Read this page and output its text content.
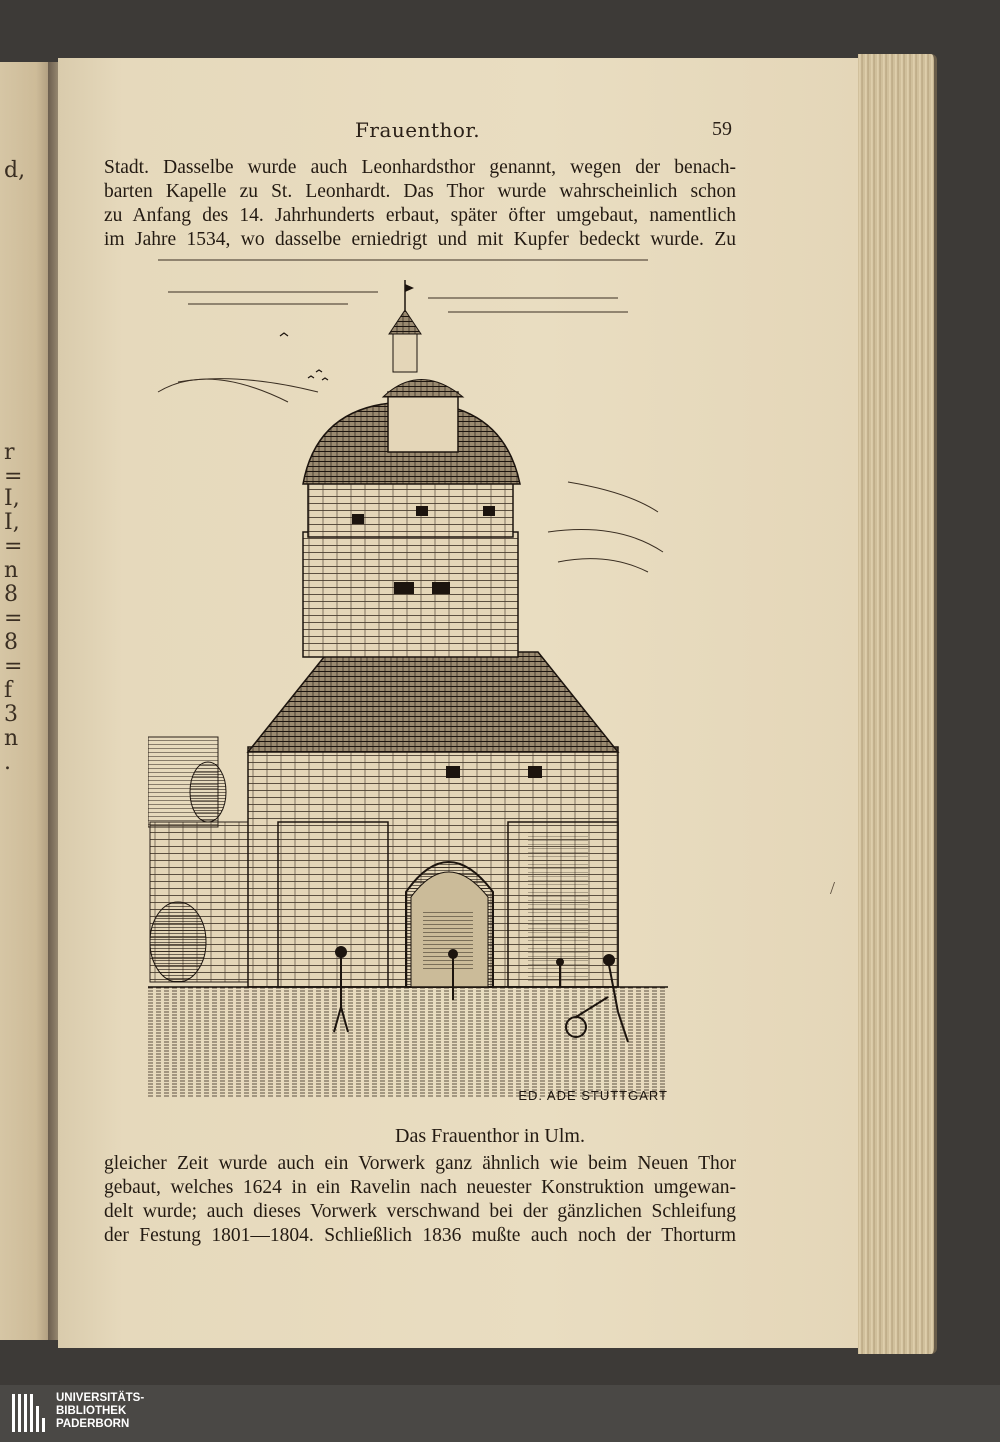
d,
r
=
I,
I,
=
n
8
=
8
=
f
3
n
.
Frauenthor.	59
Stadt. Dasselbe wurde auch Leonhardsthor genannt, wegen der benach-
barten Kapelle zu St. Leonhardt. Das Thor wurde wahrscheinlich schon
zu Anfang des 14. Jahrhunderts erbaut, später öfter umgebaut, namentlich
im Jahre 1534, wo dasselbe erniedrigt und mit Kupfer bedeckt wurde. Zu
ED. ADE STUTTGART
Das Frauenthor in Ulm.
gleicher Zeit wurde auch ein Vorwerk ganz ähnlich wie beim Neuen Thor
gebaut, welches 1624 in ein Ravelin nach neuester Konstruktion umgewan-
delt wurde; auch dieses Vorwerk verschwand bei der gänzlichen Schleifung
der Festung 1801—1804. Schließlich 1836 mußte auch noch der Thorturm
/
UNIVERSITÄTS-
BIBLIOTHEK
PADERBORN
